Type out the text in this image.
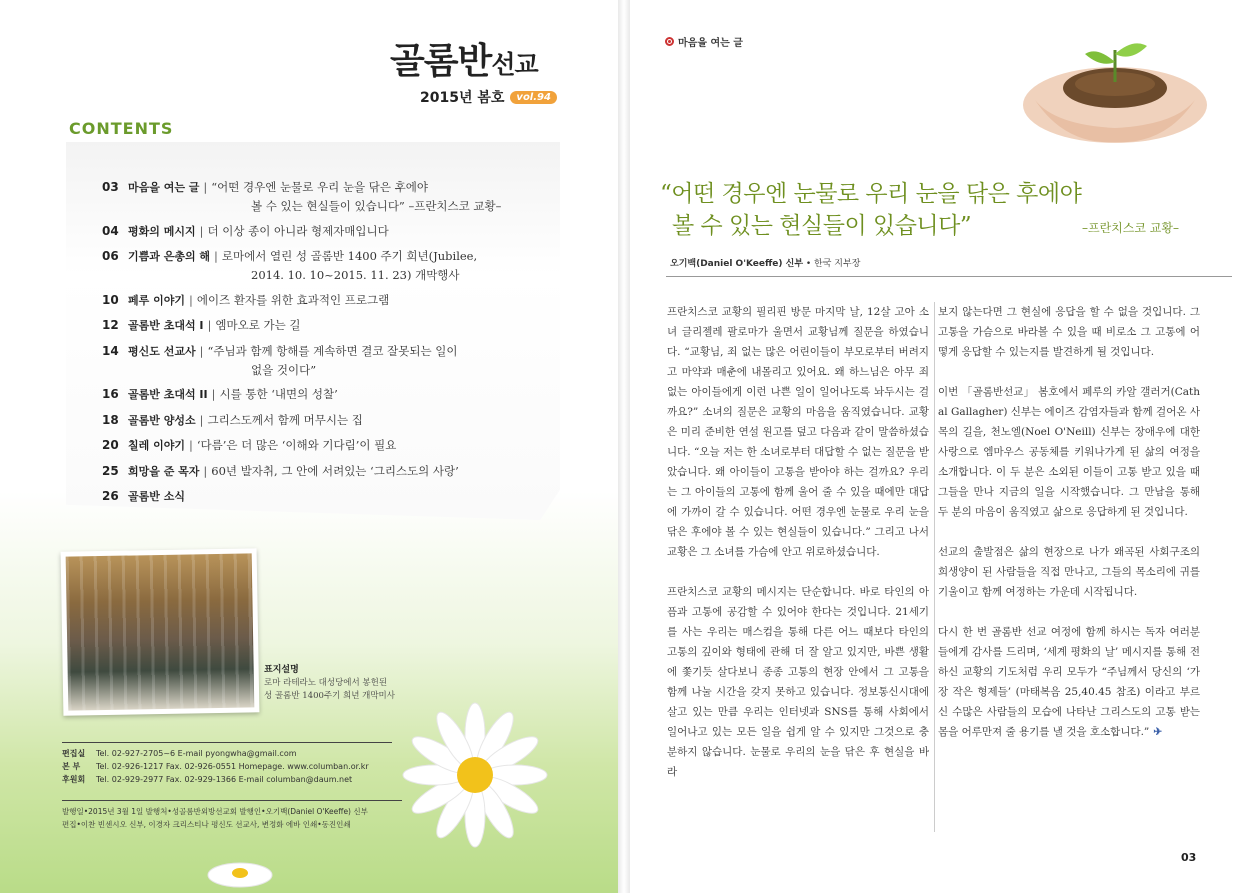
골롬반선교
2015년 봄호	vol.94
CONTENTS
03 마음을 여는 글 | “어떤 경우엔 눈물로 우리 눈을 닦은 후에야
볼 수 있는 현실들이 있습니다” –프란치스코 교황–
04 평화의 메시지 | 더 이상 종이 아니라 형제자매입니다
06 기쁨과 은총의 해 | 로마에서 열린 성 골롬반 1400 주기 희년(Jubilee,
2014. 10. 10~2015. 11. 23) 개막행사
10 페루 이야기 | 에이즈 환자를 위한 효과적인 프로그램
12 골롬반 초대석 I | 엠마오로 가는 길
14 평신도 선교사 | “주님과 함께 항해를 계속하면 결코 잘못되는 일이
없을 것이다”
16 골롬반 초대석 II | 시를 통한 ‘내면의 성찰’
18 골롬반 양성소 | 그리스도께서 함께 머무시는 집
20 칠레 이야기 | ‘다름’은 더 많은 ‘이해와 기다림’이 필요
25 희망을 준 목자 | 60년 발자취, 그 안에 서려있는 ‘그리스도의 사랑’
26 골롬반 소식
표지설명
로마 라테라노 대성당에서 봉헌된
성 골롬반 1400주기 희년 개막미사
편집실	Tel. 02-927-2705~6 E-mail pyongwha@gmail.com
본 부	Tel. 02-926-1217 Fax. 02-926-0551 Homepage. www.columban.or.kr
후원회	Tel. 02-929-2977 Fax. 02-929-1366 E-mail columban@daum.net
발행일•2015년 3월 1일 발행처•성골롬반외방선교회 발행인•오기백(Daniel O'Keeffe) 신부
편집•이찬 빈센시오 신부, 이경자 크리스티나 평신도 선교사, 변정화 에바 인쇄•동진인쇄
마음을 여는 글
“어떤 경우엔 눈물로 우리 눈을 닦은 후에야
볼 수 있는 현실들이 있습니다”	–프란치스코 교황–
오기백(Daniel O'Keeffe) 신부 • 한국 지부장

프란치스코 교황의 필리핀 방문 마지막 날, 12살 고아 소녀 글리젤레 팔로마가 울면서 교황님께 질문을 하였습니다. “교황님, 죄 없는 많은 어린이들이 부모로부터 버려지고 마약과 매춘에 내몰리고 있어요. 왜 하느님은 아무 죄 없는 아이들에게 이런 나쁜 일이 일어나도록 놔두시는 걸까요?” 소녀의 질문은 교황의 마음을 움직였습니다. 교황은 미리 준비한 연설 원고를 덮고 다음과 같이 말씀하셨습니다. “오늘 저는 한 소녀로부터 대답할 수 없는 질문을 받았습니다. 왜 아이들이 고통을 받아야 하는 걸까요? 우리는 그 아이들의 고통에 함께 울어 줄 수 있을 때에만 대답에 가까이 갈 수 있습니다. 어떤 경우엔 눈물로 우리 눈을 닦은 후에야 볼 수 있는 현실들이 있습니다.” 그리고 나서 교황은 그 소녀를 가슴에 안고 위로하셨습니다.

프란치스코 교황의 메시지는 단순합니다. 바로 타인의 아픔과 고통에 공감할 수 있어야 한다는 것입니다. 21세기를 사는 우리는 매스컴을 통해 다른 어느 때보다 타인의 고통의 깊이와 형태에 관해 더 잘 알고 있지만, 바쁜 생활에 쫓기듯 살다보니 종종 고통의 현장 안에서 그 고통을 함께 나눌 시간을 갖지 못하고 있습니다. 정보통신시대에 살고 있는 만큼 우리는 인터넷과 SNS를 통해 사회에서 일어나고 있는 모든 일을 쉽게 알 수 있지만 그것으로 충분하지 않습니다. 눈물로 우리의 눈을 닦은 후 현실을 바라

보지 않는다면 그 현실에 응답을 할 수 없을 것입니다. 그 고통을 가슴으로 바라볼 수 있을 때 비로소 그 고통에 어떻게 응답할 수 있는지를 발견하게 될 것입니다.

이번 「골롬반선교」 봄호에서 페루의 카알 갤러거(Cathal Gallagher) 신부는 에이즈 감염자들과 함께 걸어온 사목의 길을, 천노엘(Noel O'Neill) 신부는 장애우에 대한 사랑으로 엠마우스 공동체를 키워나가게 된 삶의 여정을 소개합니다. 이 두 분은 소외된 이들이 고통 받고 있을 때 그들을 만나 지금의 일을 시작했습니다. 그 만남을 통해 두 분의 마음이 움직였고 삶으로 응답하게 된 것입니다.

선교의 출발점은 삶의 현장으로 나가 왜곡된 사회구조의 희생양이 된 사람들을 직접 만나고, 그들의 목소리에 귀를 기울이고 함께 여정하는 가운데 시작됩니다.

다시 한 번 골롬반 선교 여정에 함께 하시는 독자 여러분들에게 감사를 드리며, ‘세계 평화의 날’ 메시지를 통해 전하신 교황의 기도처럼 우리 모두가 “주님께서 당신의 ‘가장 작은 형제들’ (마태복음 25,40.45 참조) 이라고 부르신 수많은 사람들의 모습에 나타난 그리스도의 고통 받는 몸을 어루만져 줄 용기를 낼 것을 호소합니다.” ✈

03
